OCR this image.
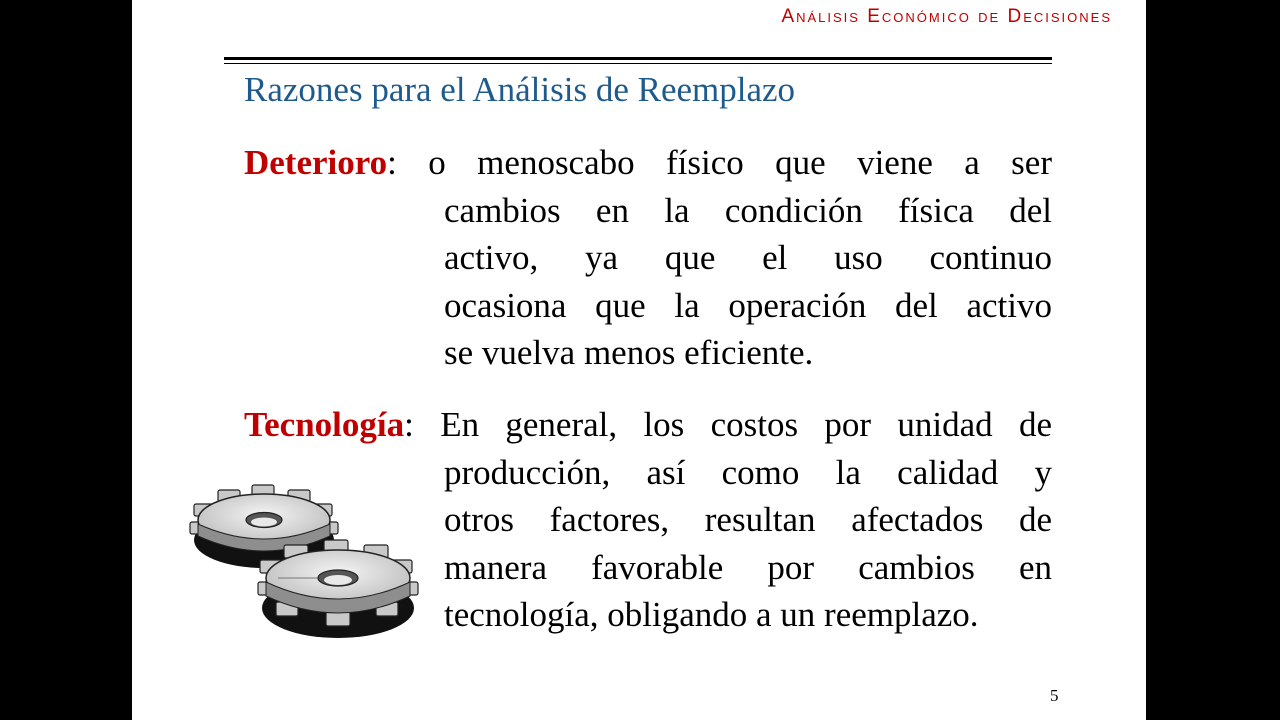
Análisis Económico de Decisiones
Razones para el Análisis de Reemplazo
Deterioro: o menoscabo físico que viene a ser
cambios en la condición física del
activo, ya que el uso continuo
ocasiona que la operación del activo
se vuelva menos eficiente.
Tecnología: En general, los costos por unidad de
producción, así como la calidad y
otros factores, resultan afectados de
manera favorable por cambios en
tecnología, obligando a un reemplazo.
5
